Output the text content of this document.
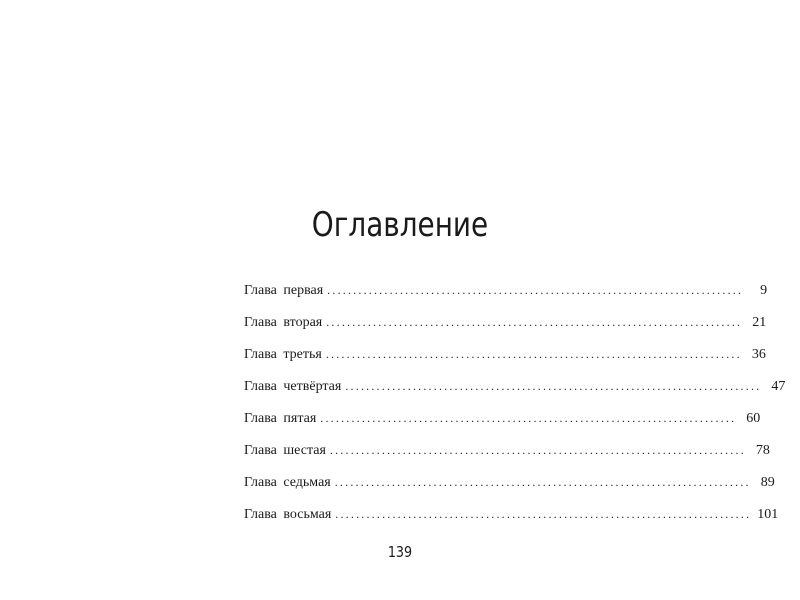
Оглавление
Глава первая ................................................................................	9
Глава вторая ................................................................................ 21
Глава третья ................................................................................ 36
Глава четвёртая ................................................................................ 47
Глава пятая ................................................................................ 60
Глава шестая ................................................................................ 78
Глава седьмая ................................................................................ 89
Глава восьмая ................................................................................ 101
139
